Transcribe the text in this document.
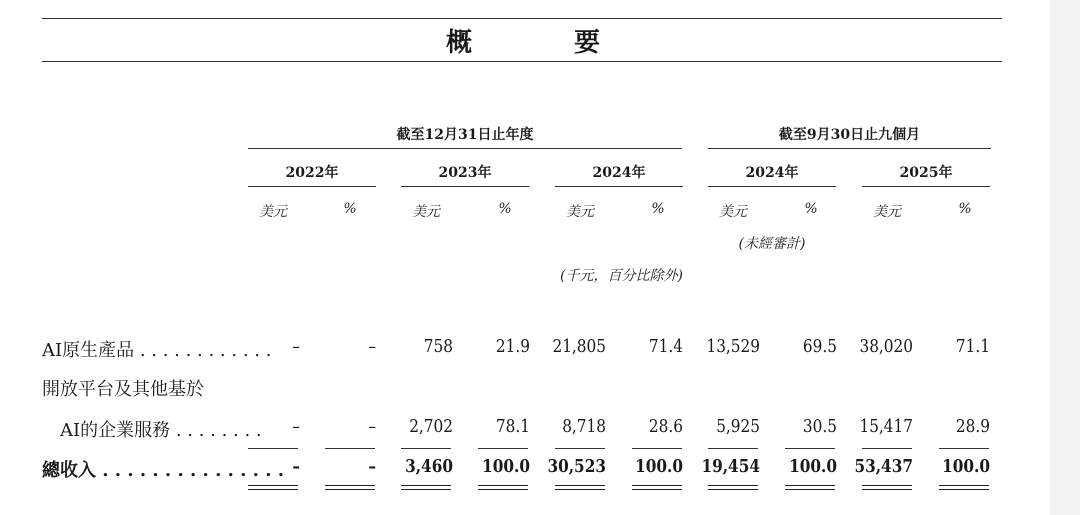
概　要
截至12月31日止年度	截至9月30日止九個月
2022年	2023年	2024年	2024年	2025年
美元	%	美元	%	美元	%	美元	%	美元	%
(未經審計)
(千元，百分比除外)
AI原生產品 . . . . . . . . . . . .	–	–	758	21.9	21,805	71.4	13,529	69.5	38,020	71.1
開放平台及其他基於
AI的企業服務 . . . . . . . .	–	–	2,702	78.1	8,718	28.6	5,925	30.5	15,417	28.9
總收入 . . . . . . . . . . . . . . . –	–	3,460	100.0 30,523	100.0 19,454	100.0 53,437	100.0
